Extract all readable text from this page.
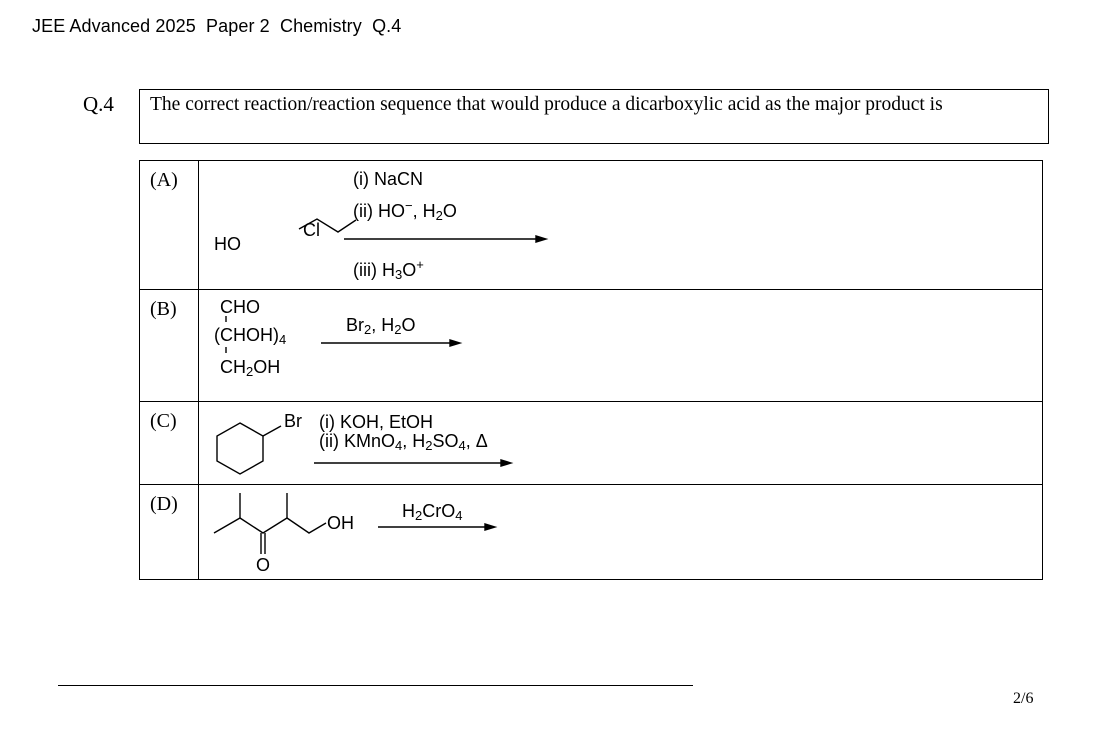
JEE Advanced 2025  Paper 2  Chemistry  Q.4
Q.4	The correct reaction/reaction sequence that would produce a dicarboxylic acid as the major product is
(A)	HO
Cl
(i) NaCN
(ii) HO−, $H_2O$
(iii) $H_3O^+$

(B)	CHO
$(CHOH)_4$
$CH_2OH$
$Br_2$, $H_2O$

(C)	Br (i) KOH, EtOH
(ii) KMnO$_4$, $H_2SO_4$, Δ

(D)	OH
O
$H_2CrO_4$
2/6
